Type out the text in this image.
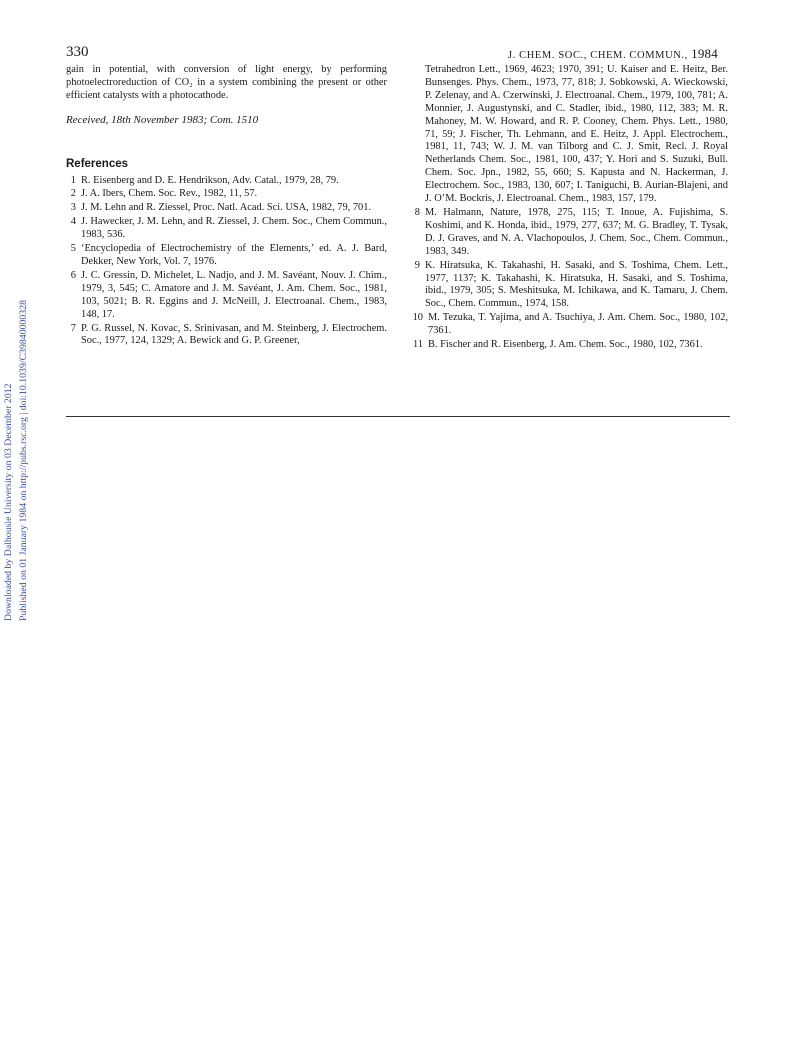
330	J. CHEM. SOC., CHEM. COMMUN., 1984
Downloaded by Dalhousie University on 03 December 2012 Published on 01 January 1984 on http://pubs.rsc.org | doi:10.1039/C39840000328

gain in potential, with conversion of light energy, by performing photoelectroreduction of CO₂ in a system combining the present or other efficient catalysts with a photocathode.

Received, 18th November 1983; Com. 1510

References
1 R. Eisenberg and D. E. Hendrikson, Adv. Catal., 1979, 28, 79.
2 J. A. Ibers, Chem. Soc. Rev., 1982, 11, 57.
3 J. M. Lehn and R. Ziessel, Proc. Natl. Acad. Sci. USA, 1982, 79, 701.
4 J. Hawecker, J. M. Lehn, and R. Ziessel, J. Chem. Soc., Chem Commun., 1983, 536.
5 ‘Encyclopedia of Electrochemistry of the Elements,’ ed. A. J. Bard, Dekker, New York, Vol. 7, 1976.
6 J. C. Gressin, D. Michelet, L. Nadjo, and J. M. Savéant, Nouv. J. Chim., 1979, 3, 545; C. Amatore and J. M. Savéant, J. Am. Chem. Soc., 1981, 103, 5021; B. R. Eggins and J. McNeill, J. Electroanal. Chem., 1983, 148, 17.
7 P. G. Russel, N. Kovac, S. Srinivasan, and M. Steinberg, J. Electrochem. Soc., 1977, 124, 1329; A. Bewick and G. P. Greener,
Tetrahedron Lett., 1969, 4623; 1970, 391; U. Kaiser and E. Heitz, Ber. Bunsenges. Phys. Chem., 1973, 77, 818; J. Sobkowski, A. Wieckowski, P. Zelenay, and A. Czerwinski, J. Electroanal. Chem., 1979, 100, 781; A. Monnier, J. Augustynski, and C. Stadler, ibid., 1980, 112, 383; M. R. Mahoney, M. W. Howard, and R. P. Cooney, Chem. Phys. Lett., 1980, 71, 59; J. Fischer, Th. Lehmann, and E. Heitz, J. Appl. Electrochem., 1981, 11, 743; W. J. M. van Tilborg and C. J. Smit, Recl. J. Royal Netherlands Chem. Soc., 1981, 100, 437; Y. Hori and S. Suzuki, Bull. Chem. Soc. Jpn., 1982, 55, 660; S. Kapusta and N. Hackerman, J. Electrochem. Soc., 1983, 130, 607; I. Taniguchi, B. Aurian-Blajeni, and J. O’M. Bockris, J. Electroanal. Chem., 1983, 157, 179.
8 M. Halmann, Nature, 1978, 275, 115; T. Inoue, A. Fujishima, S. Koshimi, and K. Honda, ibid., 1979, 277, 637; M. G. Bradley, T. Tysak, D. J. Graves, and N. A. Vlachopoulos, J. Chem. Soc., Chem. Commun., 1983, 349.
9 K. Hiratsuka, K. Takahashi, H. Sasaki, and S. Toshima, Chem. Lett., 1977, 1137; K. Takahashi, K. Hiratsuka, H. Sasaki, and S. Toshima, ibid., 1979, 305; S. Meshitsuka, M. Ichikawa, and K. Tamaru, J. Chem. Soc., Chem. Commun., 1974, 158.
10 M. Tezuka, T. Yajima, and A. Tsuchiya, J. Am. Chem. Soc., 1980, 102, 7361.
11 B. Fischer and R. Eisenberg, J. Am. Chem. Soc., 1980, 102, 7361.
